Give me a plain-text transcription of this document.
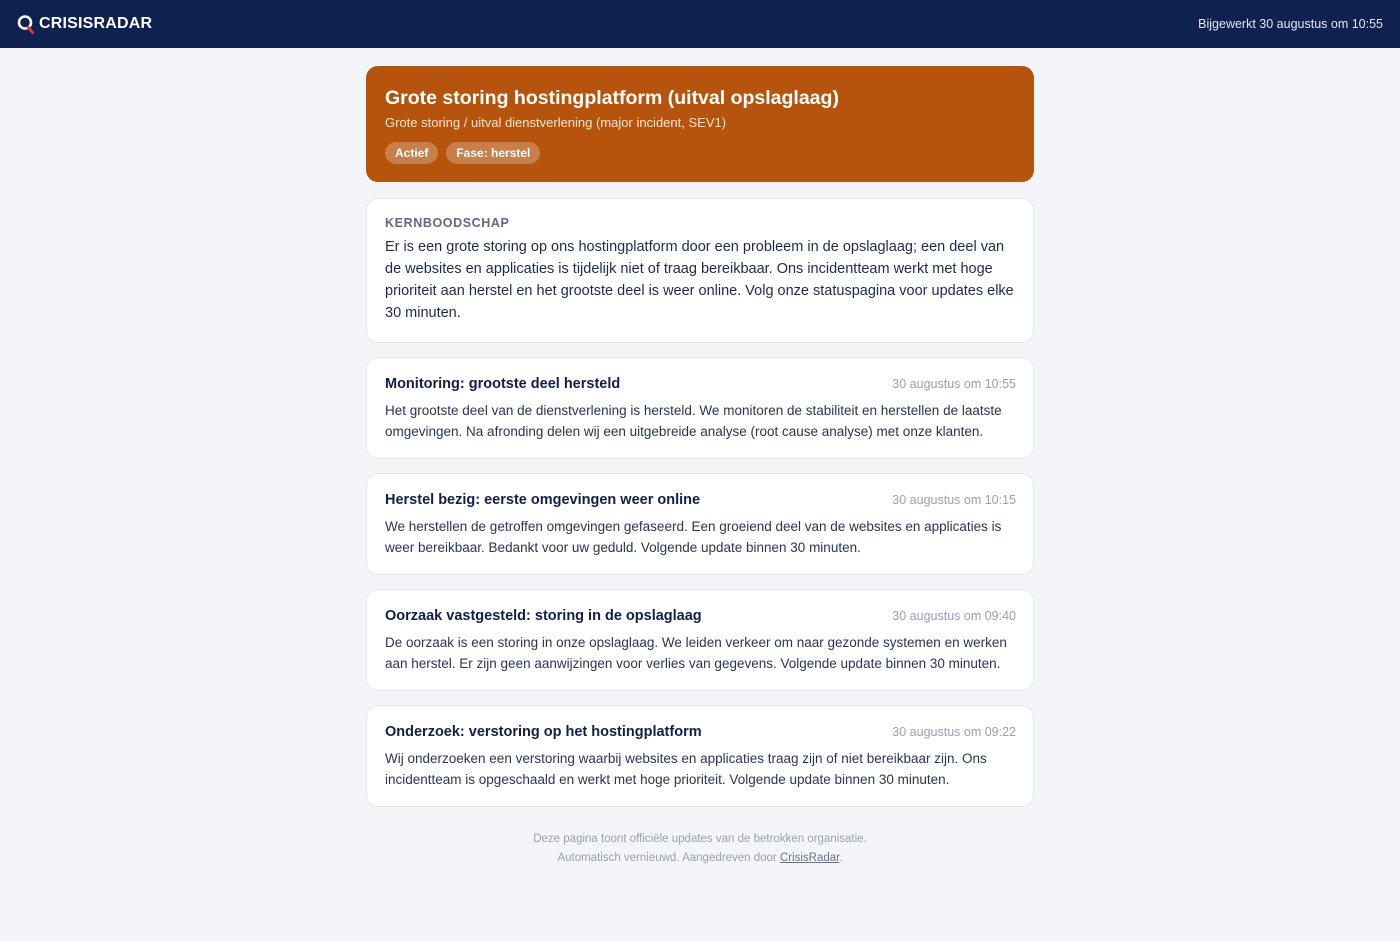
CRISISRADAR	Bijgewerkt 30 augustus om 10:55
Grote storing hostingplatform (uitval opslaglaag)
Grote storing / uitval dienstverlening (major incident, SEV1)
Actief	Fase: herstel
KERNBOODSCHAP

Er is een grote storing op ons hostingplatform door een probleem in de opslaglaag; een deel van de websites en applicaties is tijdelijk niet of traag bereikbaar. Ons incidentteam werkt met hoge prioriteit aan herstel en het grootste deel is weer online. Volg onze statuspagina voor updates elke 30 minuten.

Monitoring: grootste deel hersteld	30 augustus om 10:55

Het grootste deel van de dienstverlening is hersteld. We monitoren de stabiliteit en herstellen de laatste omgevingen. Na afronding delen wij een uitgebreide analyse (root cause analyse) met onze klanten.

Herstel bezig: eerste omgevingen weer online	30 augustus om 10:15

We herstellen de getroffen omgevingen gefaseerd. Een groeiend deel van de websites en applicaties is weer bereikbaar. Bedankt voor uw geduld. Volgende update binnen 30 minuten.

Oorzaak vastgesteld: storing in de opslaglaag	30 augustus om 09:40

De oorzaak is een storing in onze opslaglaag. We leiden verkeer om naar gezonde systemen en werken aan herstel. Er zijn geen aanwijzingen voor verlies van gegevens. Volgende update binnen 30 minuten.

Onderzoek: verstoring op het hostingplatform	30 augustus om 09:22

Wij onderzoeken een verstoring waarbij websites en applicaties traag zijn of niet bereikbaar zijn. Ons incidentteam is opgeschaald en werkt met hoge prioriteit. Volgende update binnen 30 minuten.

Deze pagina toont officiële updates van de betrokken organisatie.
Automatisch vernieuwd. Aangedreven door CrisisRadar.
